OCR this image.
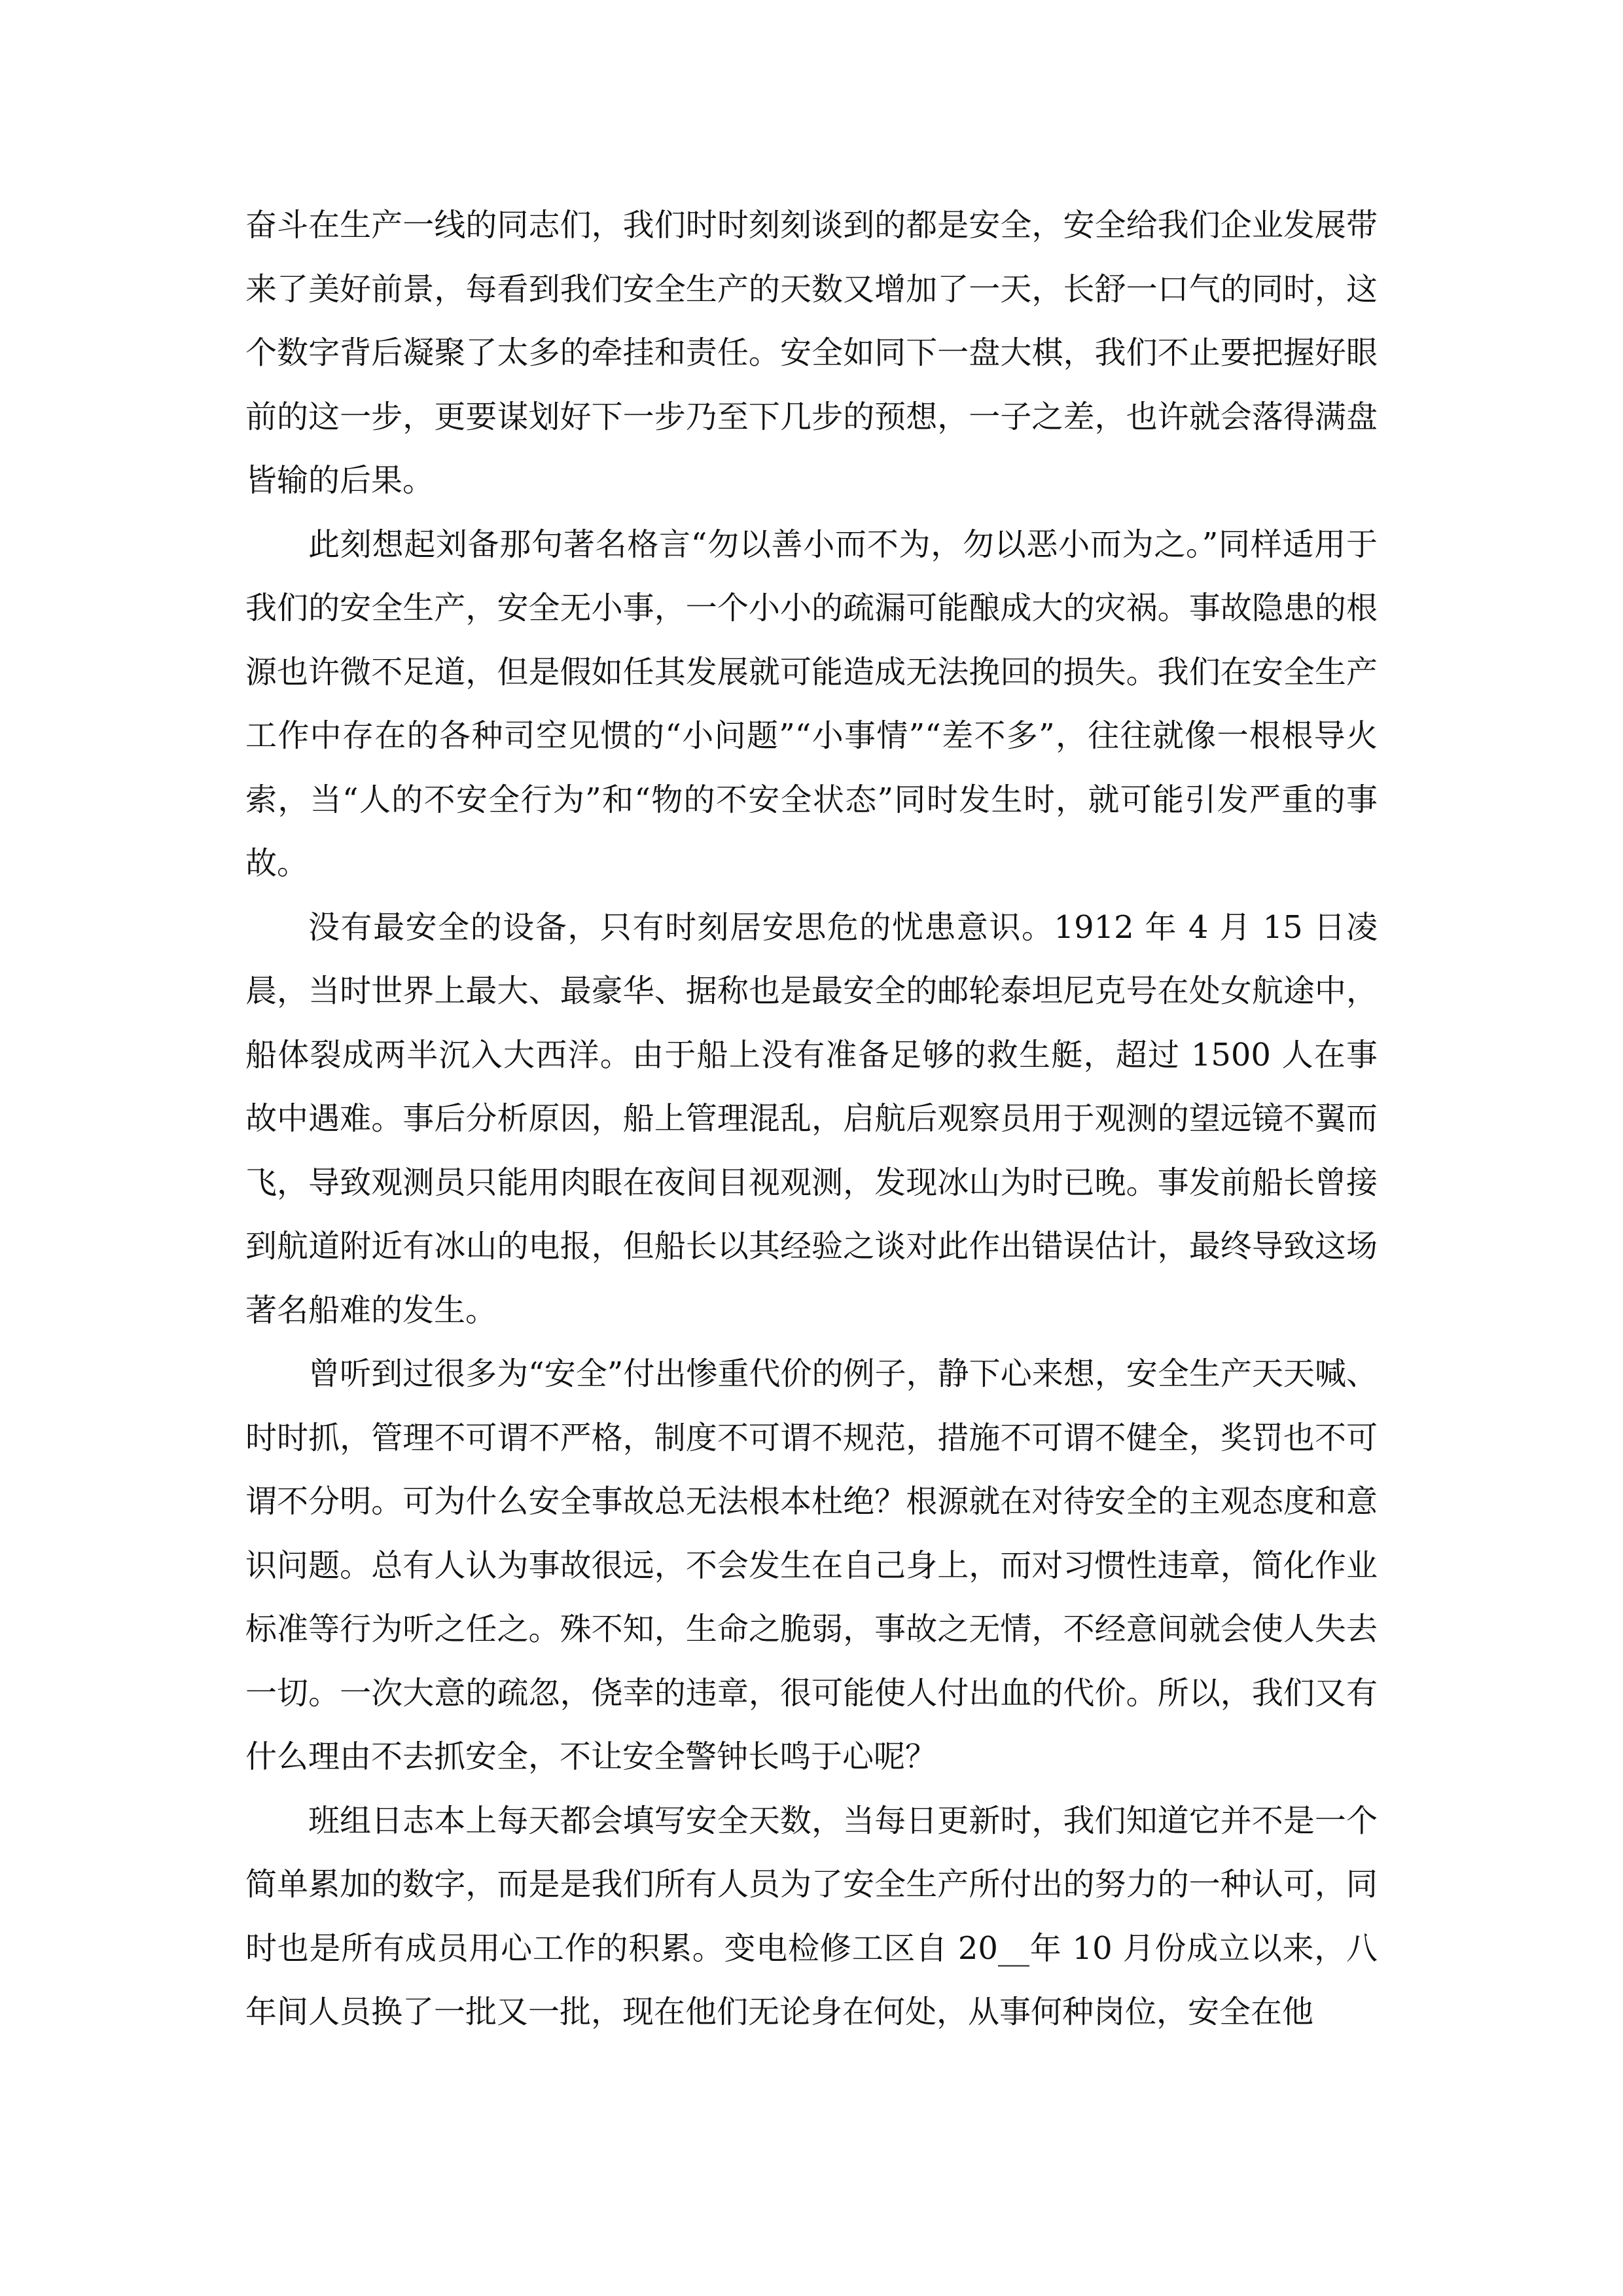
奋斗在生产一线的同志们，我们时时刻刻谈到的都是安全，安全给我们企业发展带来了美好前景，每看到我们安全生产的天数又增加了一天，长舒一口气的同时，这个数字背后凝聚了太多的牵挂和责任。安全如同下一盘大棋，我们不止要把握好眼前的这一步，更要谋划好下一步乃至下几步的预想，一子之差，也许就会落得满盘皆输的后果。

此刻想起刘备那句著名格言“勿以善小而不为，勿以恶小而为之。”同样适用于我们的安全生产，安全无小事，一个小小的疏漏可能酿成大的灾祸。事故隐患的根源也许微不足道，但是假如任其发展就可能造成无法挽回的损失。我们在安全生产工作中存在的各种司空见惯的“小问题”“小事情”“差不多”，往往就像一根根导火索，当“人的不安全行为”和“物的不安全状态”同时发生时，就可能引发严重的事故。

没有最安全的设备，只有时刻居安思危的忧患意识。1912 年 4 月 15 日凌晨，当时世界上最大、最豪华、据称也是最安全的邮轮泰坦尼克号在处女航途中，船体裂成两半沉入大西洋。由于船上没有准备足够的救生艇，超过 1500 人在事故中遇难。事后分析原因，船上管理混乱，启航后观察员用于观测的望远镜不翼而飞，导致观测员只能用肉眼在夜间目视观测，发现冰山为时已晚。事发前船长曾接到航道附近有冰山的电报，但船长以其经验之谈对此作出错误估计，最终导致这场著名船难的发生。

曾听到过很多为“安全”付出惨重代价的例子，静下心来想，安全生产天天喊、时时抓，管理不可谓不严格，制度不可谓不规范，措施不可谓不健全，奖罚也不可谓不分明。可为什么安全事故总无法根本杜绝？根源就在对待安全的主观态度和意识问题。总有人认为事故很远，不会发生在自己身上，而对习惯性违章，简化作业标准等行为听之任之。殊不知，生命之脆弱，事故之无情，不经意间就会使人失去一切。一次大意的疏忽，侥幸的违章，很可能使人付出血的代价。所以，我们又有什么理由不去抓安全，不让安全警钟长鸣于心呢？

班组日志本上每天都会填写安全天数，当每日更新时，我们知道它并不是一个简单累加的数字，而是是我们所有人员为了安全生产所付出的努力的一种认可，同时也是所有成员用心工作的积累。变电检修工区自 20__年 10 月份成立以来，八年间人员换了一批又一批，现在他们无论身在何处，从事何种岗位，安全在他
